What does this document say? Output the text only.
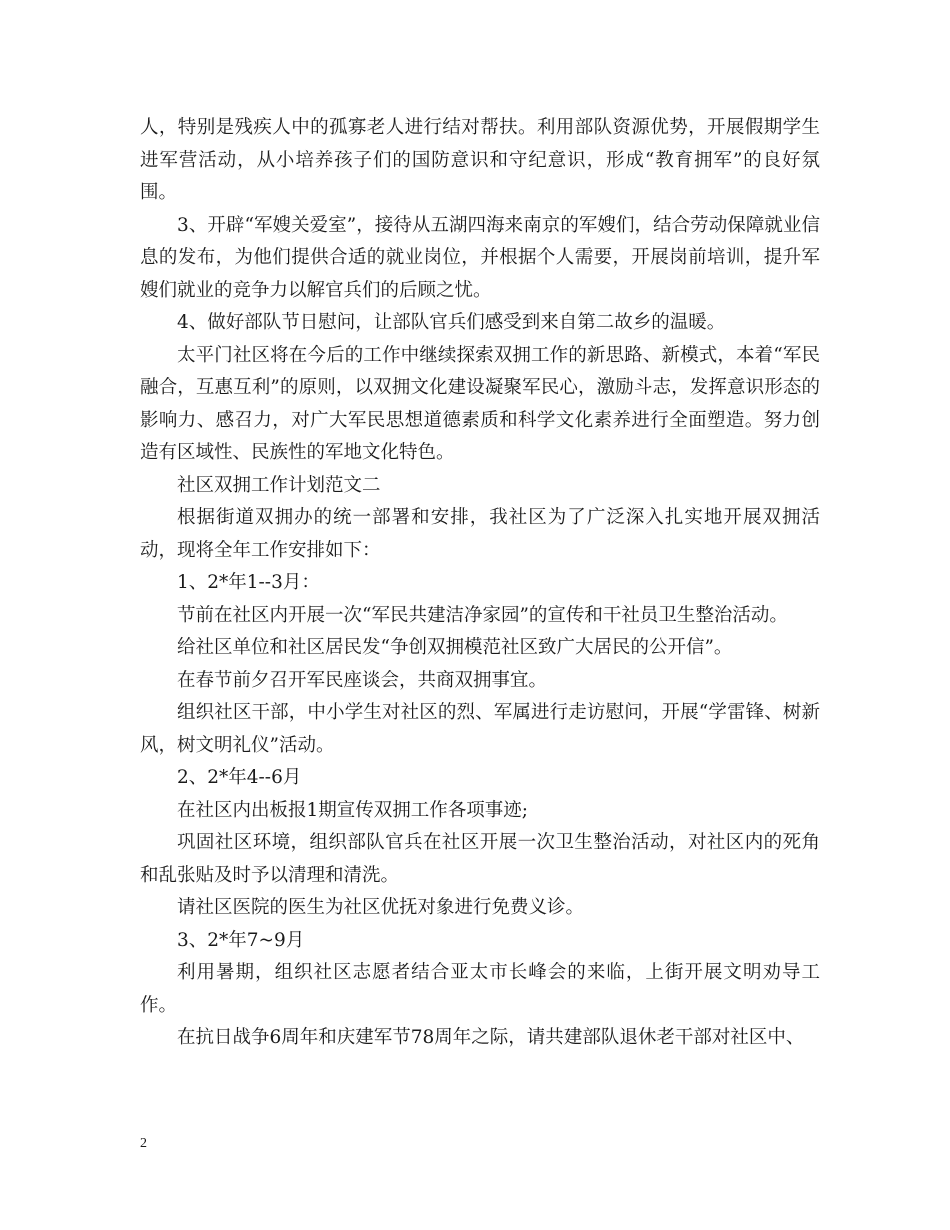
人，特别是残疾人中的孤寡老人进行结对帮扶。利用部队资源优势，开展假期学生进军营活动，从小培养孩子们的国防意识和守纪意识，形成“教育拥军”的良好氛围。

3、开辟“军嫂关爱室”，接待从五湖四海来南京的军嫂们，结合劳动保障就业信息的发布，为他们提供合适的就业岗位，并根据个人需要，开展岗前培训，提升军嫂们就业的竞争力以解官兵们的后顾之忧。

4、做好部队节日慰问，让部队官兵们感受到来自第二故乡的温暖。

太平门社区将在今后的工作中继续探索双拥工作的新思路、新模式，本着“军民融合，互惠互利”的原则，以双拥文化建设凝聚军民心，激励斗志，发挥意识形态的影响力、感召力，对广大军民思想道德素质和科学文化素养进行全面塑造。努力创造有区域性、民族性的军地文化特色。

社区双拥工作计划范文二

根据街道双拥办的统一部署和安排，我社区为了广泛深入扎实地开展双拥活动，现将全年工作安排如下：

1、2*年1--3月：

节前在社区内开展一次“军民共建洁净家园”的宣传和干社员卫生整治活动。

给社区单位和社区居民发“争创双拥模范社区致广大居民的公开信”。

在春节前夕召开军民座谈会，共商双拥事宜。

组织社区干部，中小学生对社区的烈、军属进行走访慰问，开展“学雷锋、树新风，树文明礼仪”活动。

2、2*年4--6月

在社区内出板报1期宣传双拥工作各项事迹;

巩固社区环境，组织部队官兵在社区开展一次卫生整治活动，对社区内的死角和乱张贴及时予以清理和清洗。

请社区医院的医生为社区优抚对象进行免费义诊。

3、2*年7~9月

利用暑期，组织社区志愿者结合亚太市长峰会的来临，上街开展文明劝导工作。

在抗日战争6周年和庆建军节78周年之际，请共建部队退休老干部对社区中、

2
